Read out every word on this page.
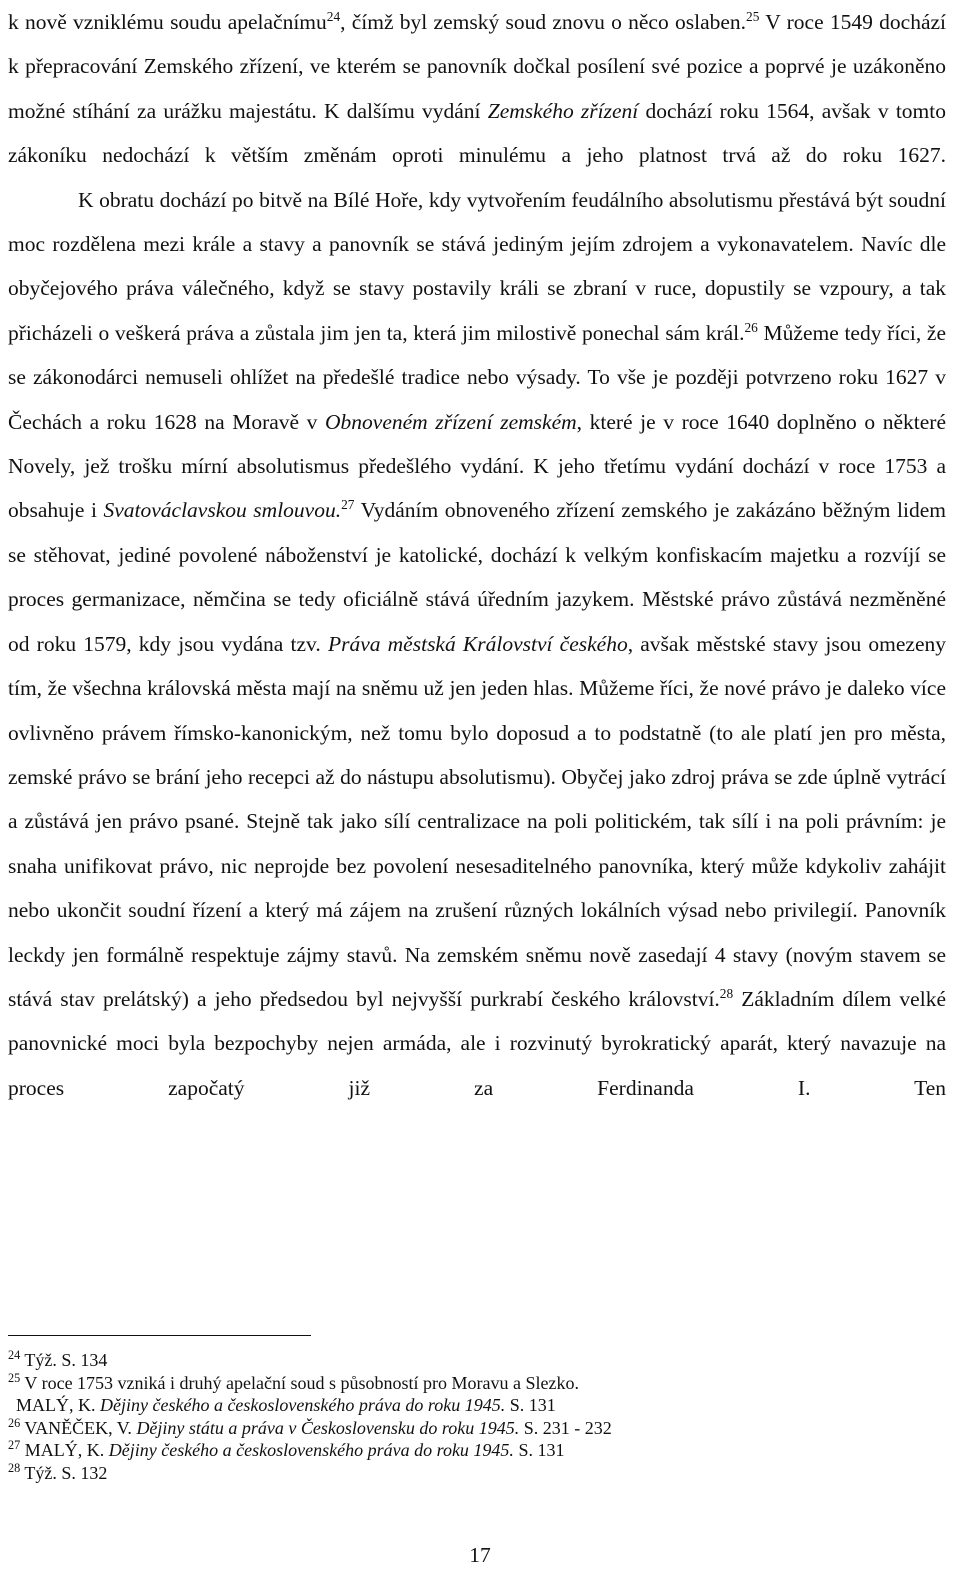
k nově vzniklému soudu apelačnímu$^{24}$, čímž byl zemský soud znovu o něco oslaben.$^{25}$ V roce 1549 dochází k přepracování Zemského zřízení, ve kterém se panovník dočkal posílení své pozice a poprvé je uzákoněno možné stíhání za urážku majestátu. K dalšímu vydání Zemského zřízení dochází roku 1564, avšak v tomto zákoníku nedochází k větším změnám oproti minulému a jeho platnost trvá až do roku 1627.

K obratu dochází po bitvě na Bílé Hoře, kdy vytvořením feudálního absolutismu přestává být soudní moc rozdělena mezi krále a stavy a panovník se stává jediným jejím zdrojem a vykonavatelem. Navíc dle obyčejového práva válečného, když se stavy postavily králi se zbraní v ruce, dopustily se vzpoury, a tak přicházeli o veškerá práva a zůstala jim jen ta, která jim milostivě ponechal sám král.$^{26}$ Můžeme tedy říci, že se zákonodárci nemuseli ohlížet na předešlé tradice nebo výsady. To vše je později potvrzeno roku 1627 v Čechách a roku 1628 na Moravě v Obnoveném zřízení zemském, které je v roce 1640 doplněno o některé Novely, jež trošku mírní absolutismus předešlého vydání. K jeho třetímu vydání dochází v roce 1753 a obsahuje i Svatováclavskou smlouvou.$^{27}$ Vydáním obnoveného zřízení zemského je zakázáno běžným lidem se stěhovat, jediné povolené náboženství je katolické, dochází k velkým konfiskacím majetku a rozvíjí se proces germanizace, němčina se tedy oficiálně stává úředním jazykem. Městské právo zůstává nezměněné od roku 1579, kdy jsou vydána tzv. Práva městská Království českého, avšak městské stavy jsou omezeny tím, že všechna královská města mají na sněmu už jen jeden hlas. Můžeme říci, že nové právo je daleko více ovlivněno právem římsko-kanonickým, než tomu bylo doposud a to podstatně (to ale platí jen pro města, zemské právo se brání jeho recepci až do nástupu absolutismu). Obyčej jako zdroj práva se zde úplně vytrácí a zůstává jen právo psané. Stejně tak jako sílí centralizace na poli politickém, tak sílí i na poli právním: je snaha unifikovat právo, nic neprojde bez povolení nesesaditelného panovníka, který může kdykoliv zahájit nebo ukončit soudní řízení a který má zájem na zrušení různých lokálních výsad nebo privilegií. Panovník leckdy jen formálně respektuje zájmy stavů. Na zemském sněmu nově zasedají 4 stavy (novým stavem se stává stav prelátský) a jeho předsedou byl nejvyšší purkrabí českého království.$^{28}$ Základním dílem velké panovnické moci byla bezpochyby nejen armáda, ale i rozvinutý byrokratický aparát, který navazuje na proces započatý již za Ferdinanda I. Ten

$^{24}$ Týž. S. 134

$^{25}$ V roce 1753 vzniká i druhý apelační soud s působností pro Moravu a Slezko.

MALÝ, K. Dějiny českého a československého práva do roku 1945. S. 131

$^{26}$ VANĚČEK, V. Dějiny státu a práva v Československu do roku 1945. S. 231 - 232

$^{27}$ MALÝ, K. Dějiny českého a československého práva do roku 1945. S. 131

$^{28}$ Týž. S. 132

17
